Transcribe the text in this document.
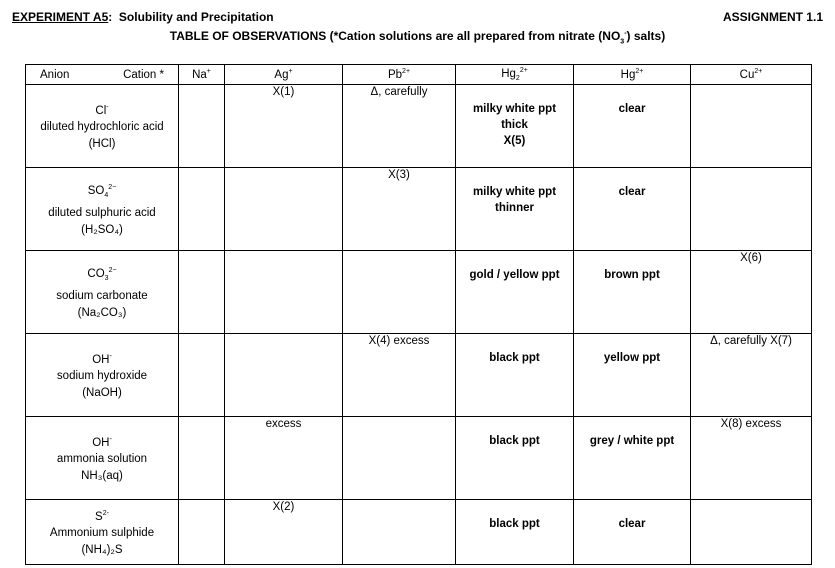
EXPERIMENT A5:  Solubility and Precipitation	ASSIGNMENT 1.1
TABLE OF OBSERVATIONS (*Cation solutions are all prepared from nitrate $(NO_3^-)$ salts)
Anion Cation *	Na+	Ag+	$Pb^{2+}$	$Hg_2^{2+}$	$Hg^{2+}$	$Cu^{2+}$
Cl-
diluted hydrochloric acid
(HCl)		X(1)	Δ, carefully	milky white ppt
thick
X(5)	clear	

$SO_4^{2-}$
diluted sulphuric acid
(H₂SO₄)			X(3)	milky white ppt
thinner	clear	

$CO_3^{2-}$
sodium carbonate
(Na₂CO₃)				gold / yellow ppt	brown ppt	X(6)

OH-
sodium hydroxide
(NaOH)			X(4) excess	black ppt	yellow ppt	Δ, carefully X(7)

OH-
ammonia solution
NH₃(aq)		excess		black ppt	grey / white ppt	X(8) excess

$S^{2-}$
Ammonium sulphide
(NH₄)₂S		X(2)		black ppt	clear	
